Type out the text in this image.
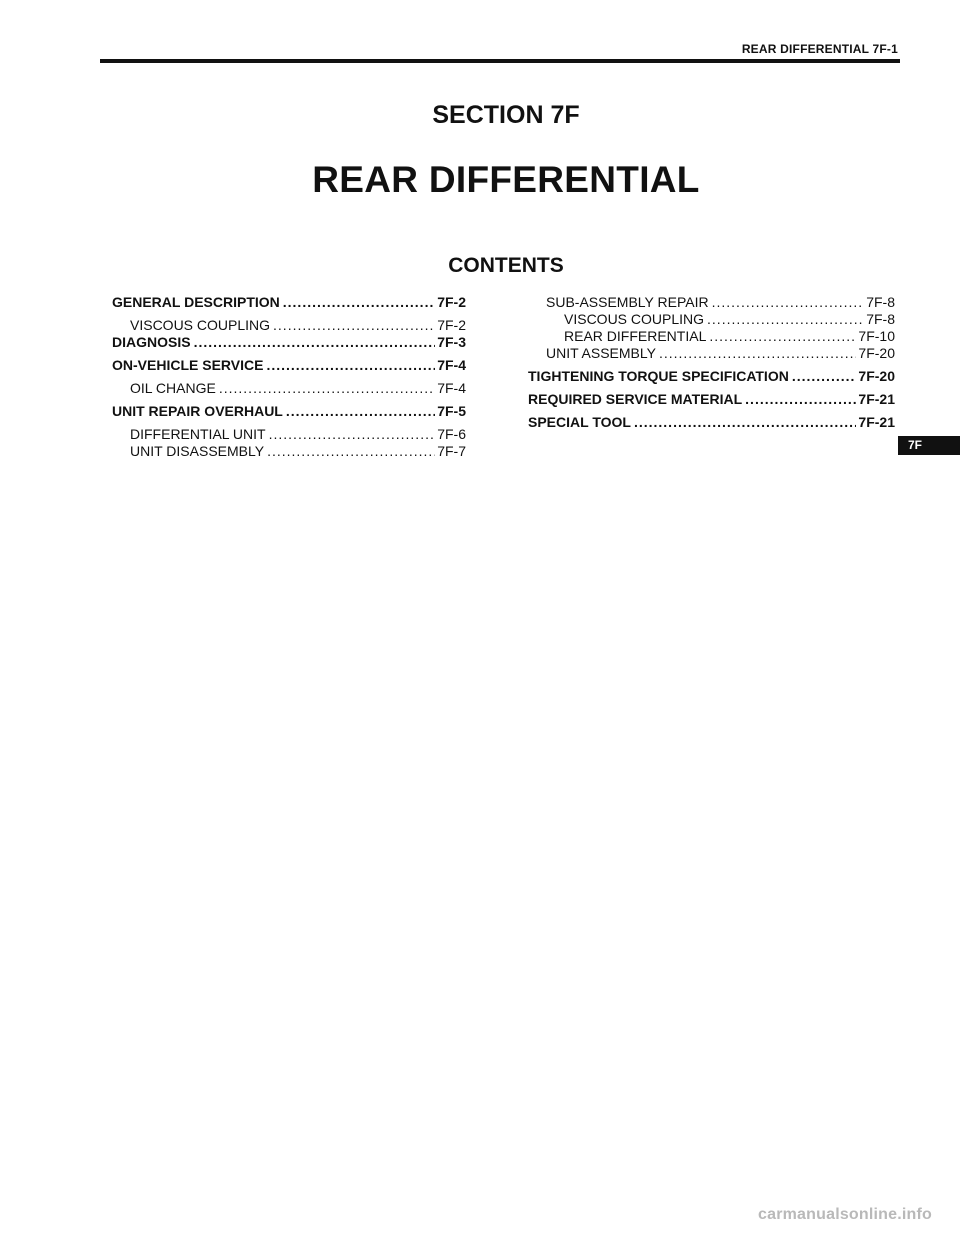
REAR DIFFERENTIAL 7F-1
SECTION 7F
REAR DIFFERENTIAL
CONTENTS
GENERAL DESCRIPTION .....	7F-2
VISCOUS COUPLING .....	7F-2
DIAGNOSIS .....	7F-3
ON-VEHICLE SERVICE .....	7F-4
OIL CHANGE .....	7F-4
UNIT REPAIR OVERHAUL .....	7F-5
DIFFERENTIAL UNIT .....	7F-6
UNIT DISASSEMBLY .....	7F-7
SUB-ASSEMBLY REPAIR .....	7F-8
VISCOUS COUPLING .....	7F-8
REAR DIFFERENTIAL .....	7F-10
UNIT ASSEMBLY .....	7F-20
TIGHTENING TORQUE SPECIFICATION .....	7F-20
REQUIRED SERVICE MATERIAL .....	7F-21
SPECIAL TOOL .....	7F-21
7F
carmanualsonline.info
